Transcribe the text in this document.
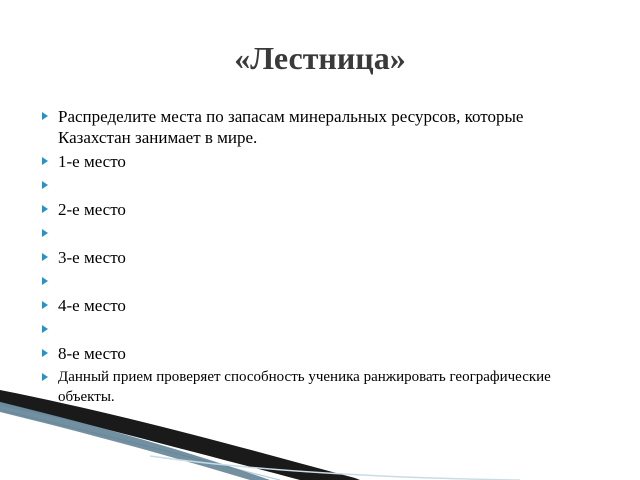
«Лестница»
Распределите места по запасам минеральных ресурсов, которые Казахстан занимает в мире.
1-е место
2-е место
3-е место
4-е место
8-е место
Данный прием проверяет способность ученика ранжировать географические объекты.
